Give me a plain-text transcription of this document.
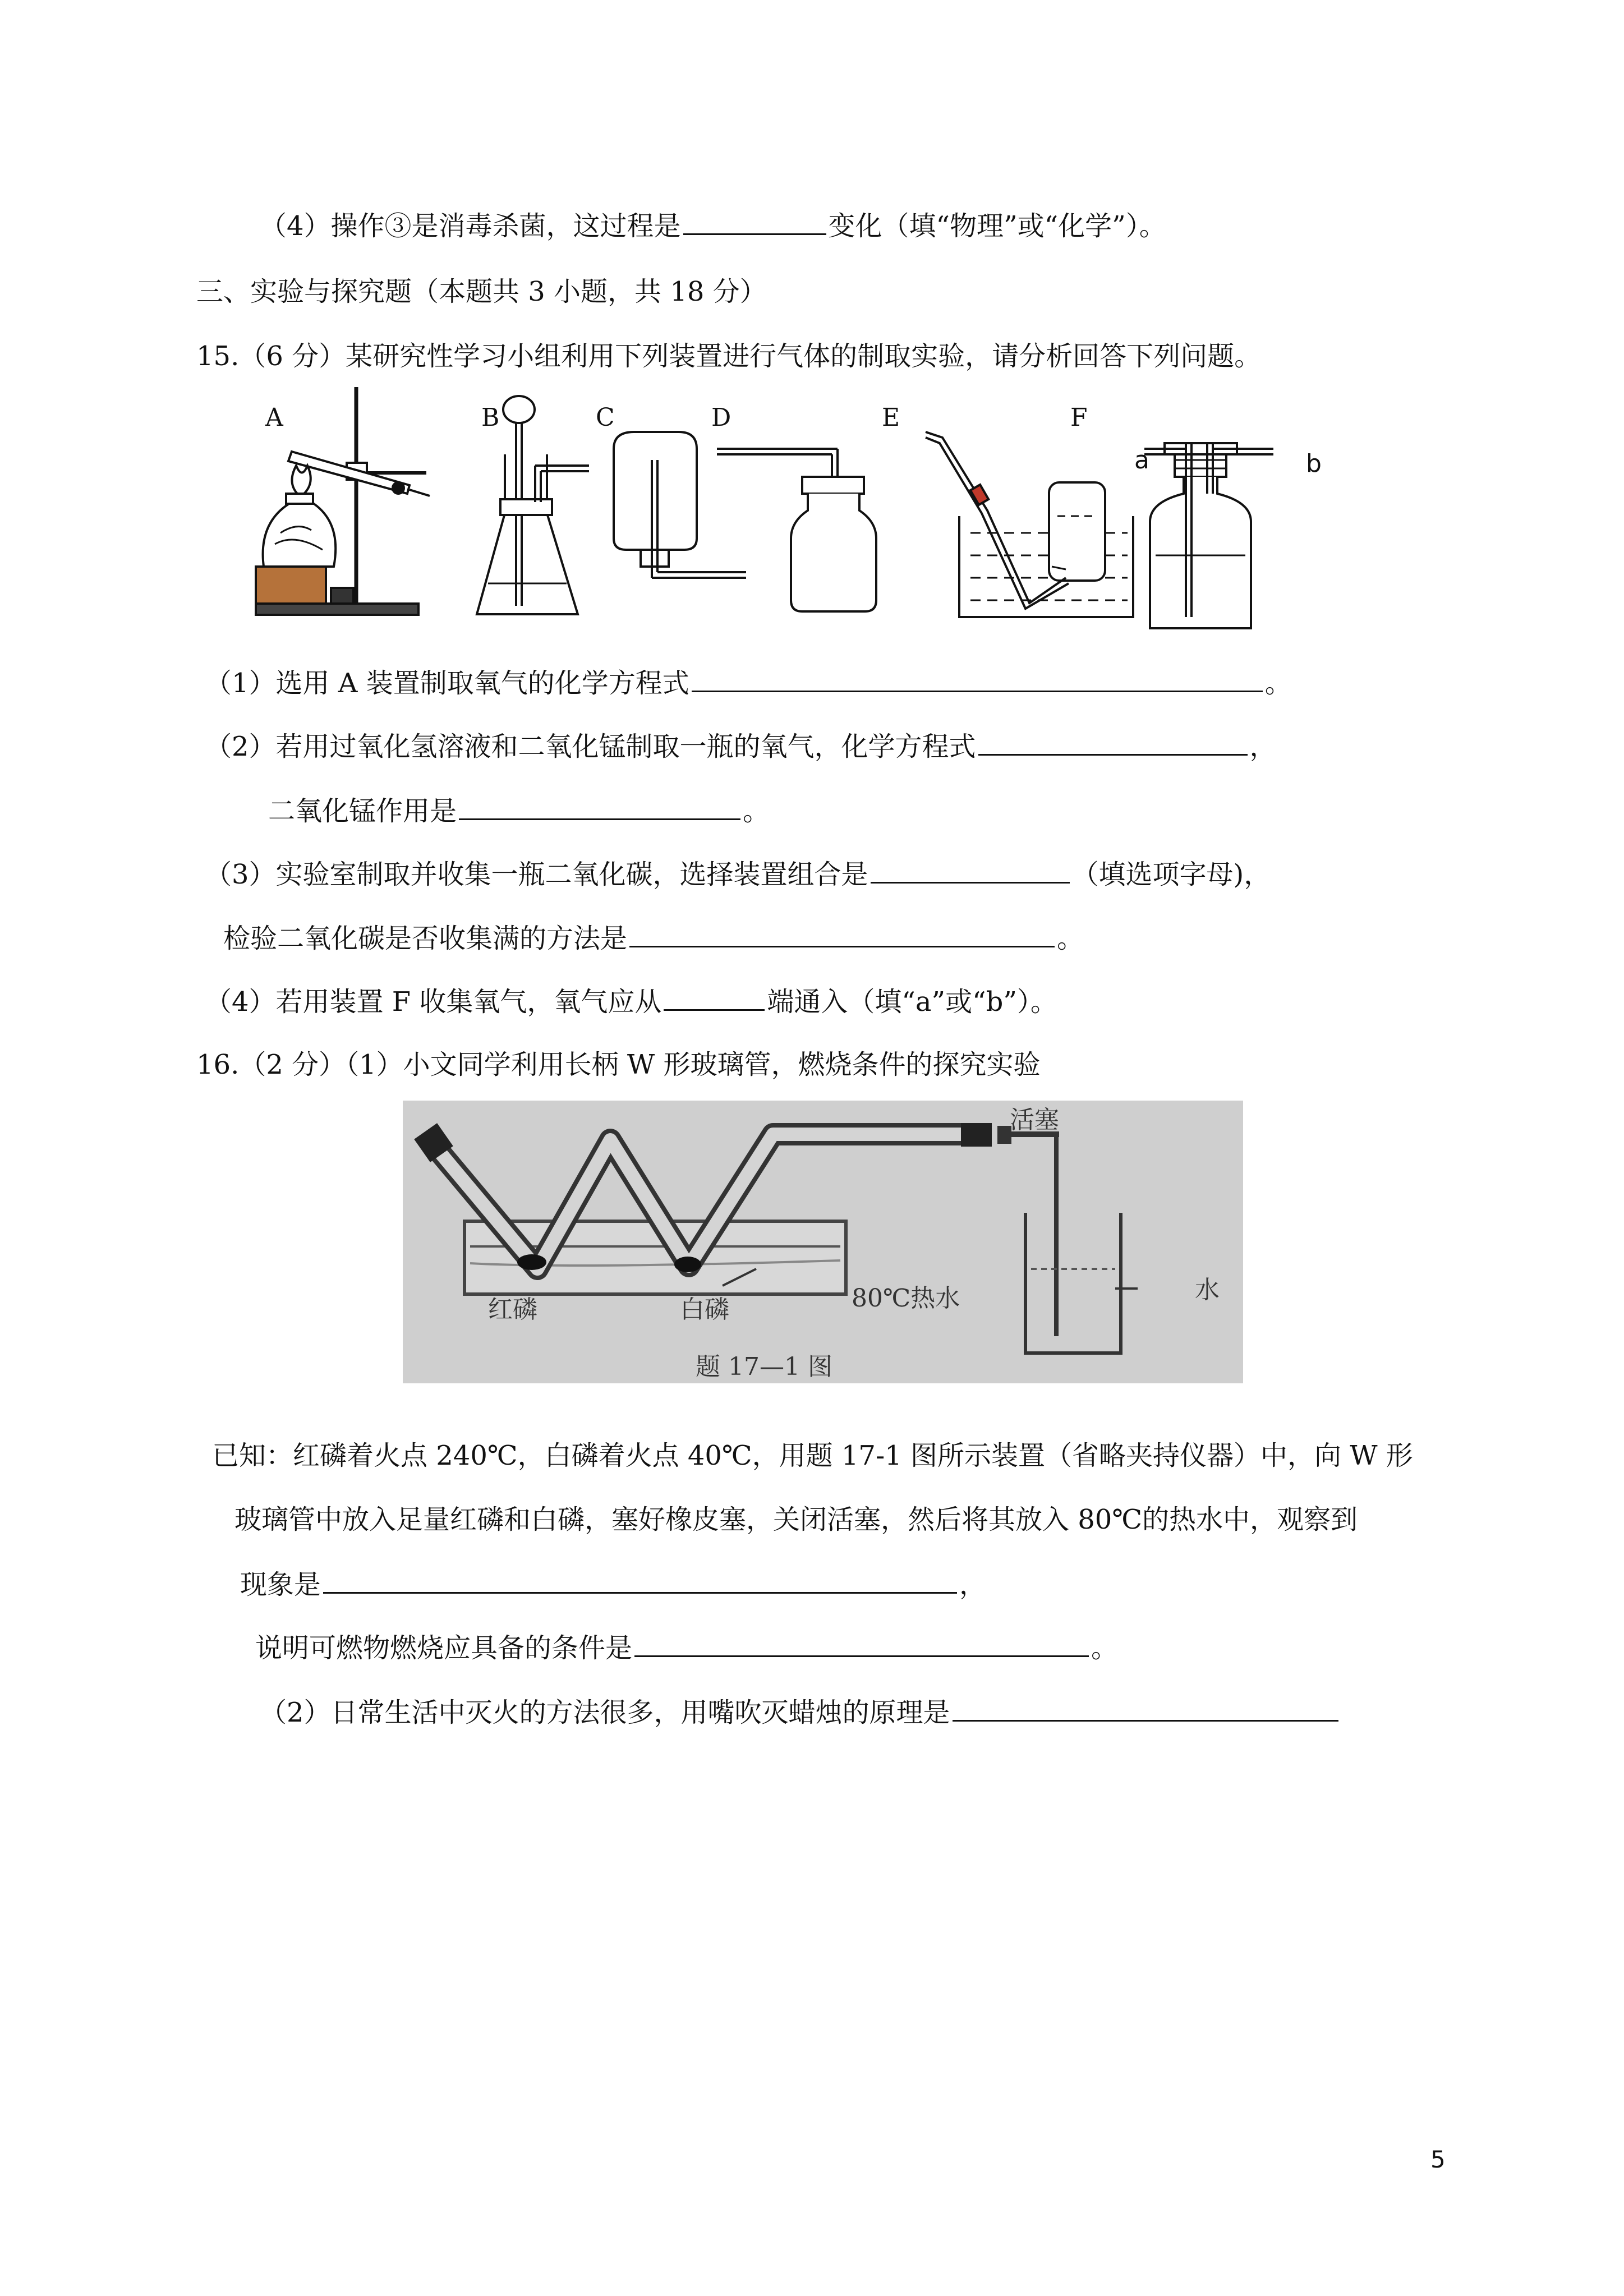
（4）操作③是消毒杀菌，这过程是	变化（填“物理”或“化学”）。
三、实验与探究题（本题共 3 小题，共 18 分）
15.（6 分）某研究性学习小组利用下列装置进行气体的制取实验，请分析回答下列问题。
A	B	C	D	E	F
a	b
（1）选用 A 装置制取氧气的化学方程式	。
（2）若用过氧化氢溶液和二氧化锰制取一瓶的氧气，化学方程式	，
二氧化锰作用是	。
（3）实验室制取并收集一瓶二氧化碳，选择装置组合是	（填选项字母)，
检验二氧化碳是否收集满的方法是	。
（4）若用装置 F 收集氧气，氧气应从	端通入（填“a”或“b”）。
16.（2 分）（1）小文同学利用长柄 W 形玻璃管，燃烧条件的探究实验
活塞
红磷	白磷	80℃热水	水
题 17—1 图
已知：红磷着火点 240℃，白磷着火点 40℃，用题 17-1 图所示装置（省略夹持仪器）中，向 W 形
玻璃管中放入足量红磷和白磷，塞好橡皮塞，关闭活塞，然后将其放入 80℃的热水中，观察到
现象是	，
说明可燃物燃烧应具备的条件是	。
（2）日常生活中灭火的方法很多，用嘴吹灭蜡烛的原理是
5
